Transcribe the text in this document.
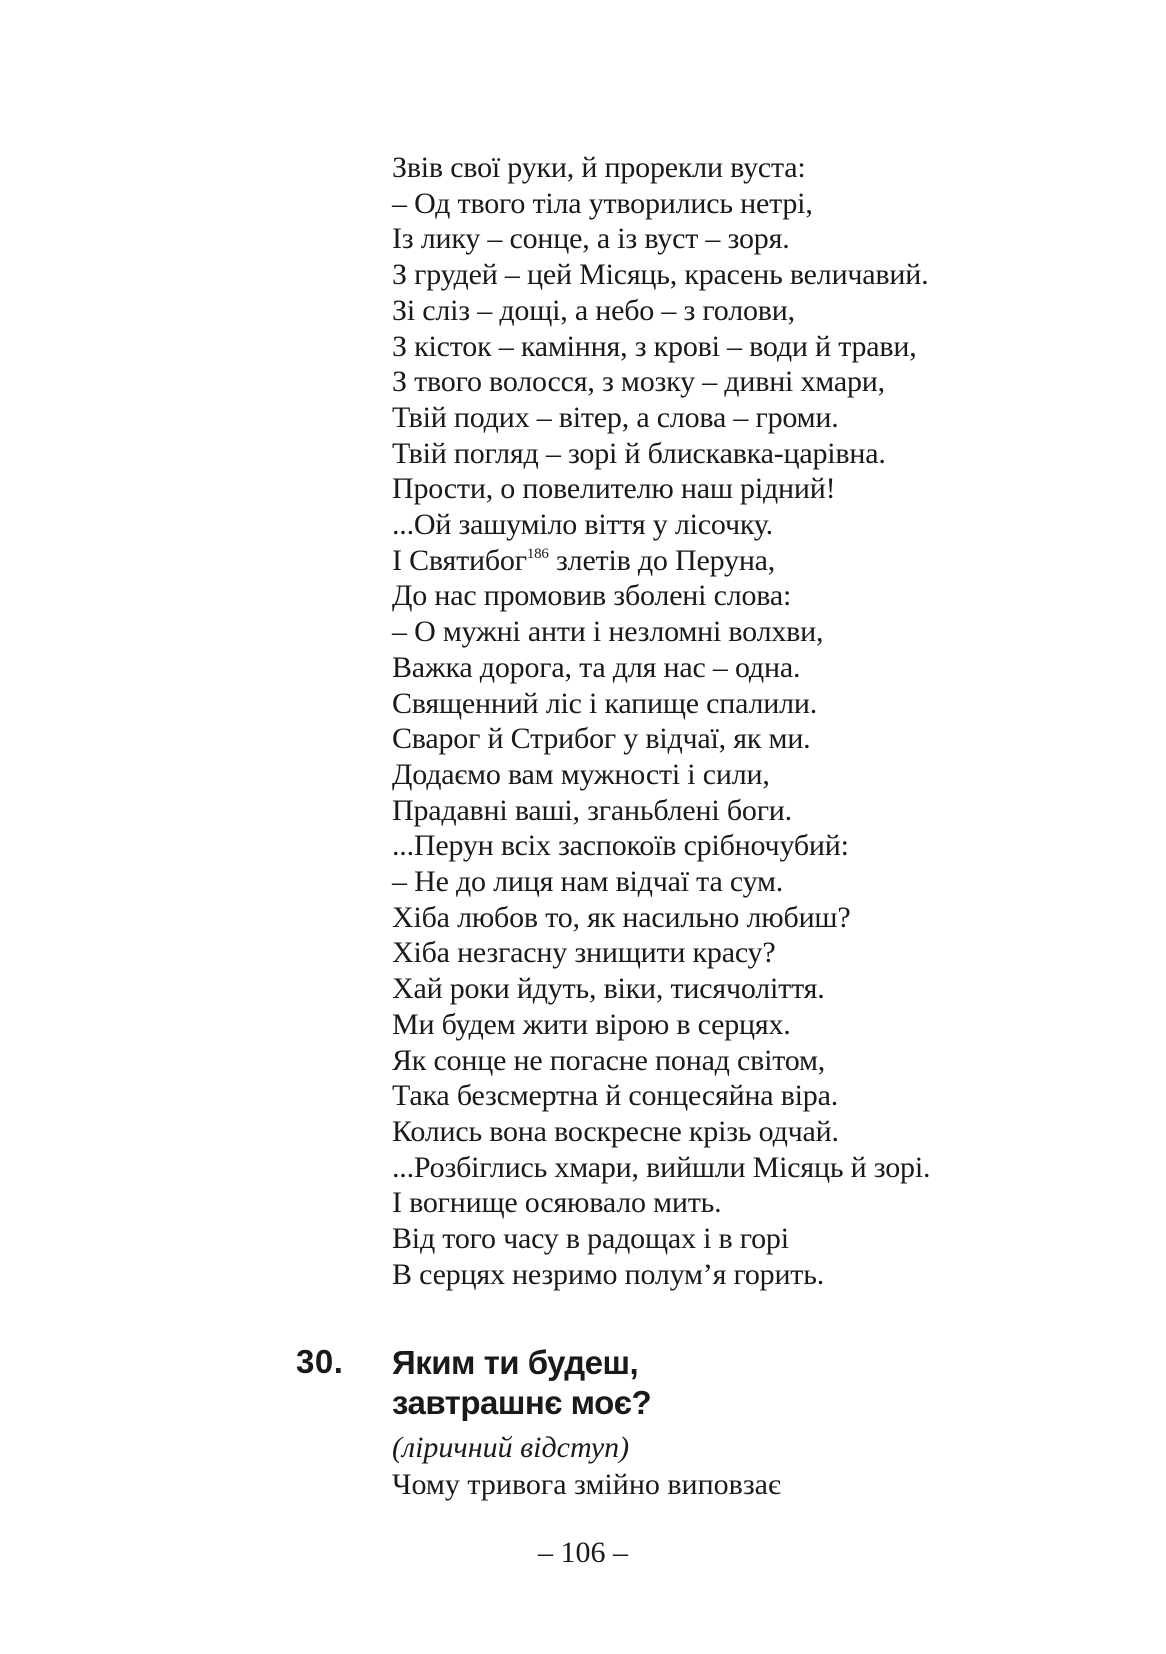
Звів свої руки, й прорекли вуста:
– Од твого тіла утворились нетрі,
Із лику – сонце, а із вуст – зоря.
З грудей – цей Місяць, красень величавий.
Зі сліз – дощі, а небо – з голови,
З кісток – каміння, з крові – води й трави,
З твого волосся, з мозку – дивні хмари,
Твій подих – вітер, а слова – громи.
Твій погляд – зорі й блискавка-царівна.
Прости, о повелителю наш рідний!
...Ой зашуміло віття у лісочку.
І Святибог$^{186}$ злетів до Перуна,
До нас промовив зболені слова:
– О мужні анти і незломні волхви,
Важка дорога, та для нас – одна.
Священний ліс і капище спалили.
Сварог й Стрибог у відчаї, як ми.
Додаємо вам мужності і сили,
Прадавні ваші, зганьблені боги.
...Перун всіх заспокоїв срібночубий:
– Не до лиця нам відчаї та сум.
Хіба любов то, як насильно любиш?
Хіба незгасну знищити красу?
Хай роки йдуть, віки, тисячоліття.
Ми будем жити вірою в серцях.
Як сонце не погасне понад світом,
Така безсмертна й сонцесяйна віра.
Колись вона воскресне крізь одчай.
...Розбіглись хмари, вийшли Місяць й зорі.
І вогнище осяювало мить.
Від того часу в радощах і в горі
В серцях незримо полум’я горить.
30. Яким ти будеш,
завтрашнє моє?
(ліричний відступ)
Чому тривога змійно виповзає
– 106 –
